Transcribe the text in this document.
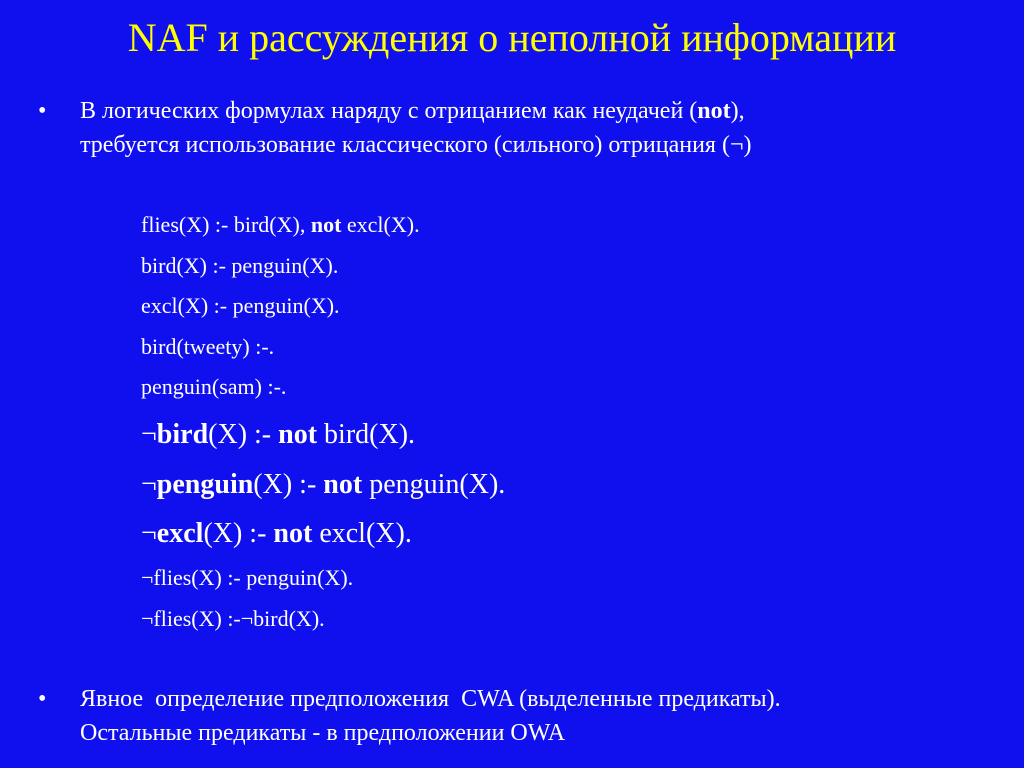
NAF и рассуждения о неполной информации
• В логических формулах наряду с отрицанием как неудачей (not),
требуется использование классического (сильного) отрицания (¬)
flies(X) :- bird(X), not excl(X).
bird(X) :- penguin(X).
excl(X) :- penguin(X).
bird(tweety) :-.
penguin(sam) :-.
¬bird(X) :- not bird(X).
¬penguin(X) :- not penguin(X).
¬excl(X) :- not excl(X).
¬flies(X) :- penguin(X).
¬flies(X) :-¬bird(X).
• Явное  определение предположения  CWA (выделенные предикаты).
Остальные предикаты - в предположении OWA
